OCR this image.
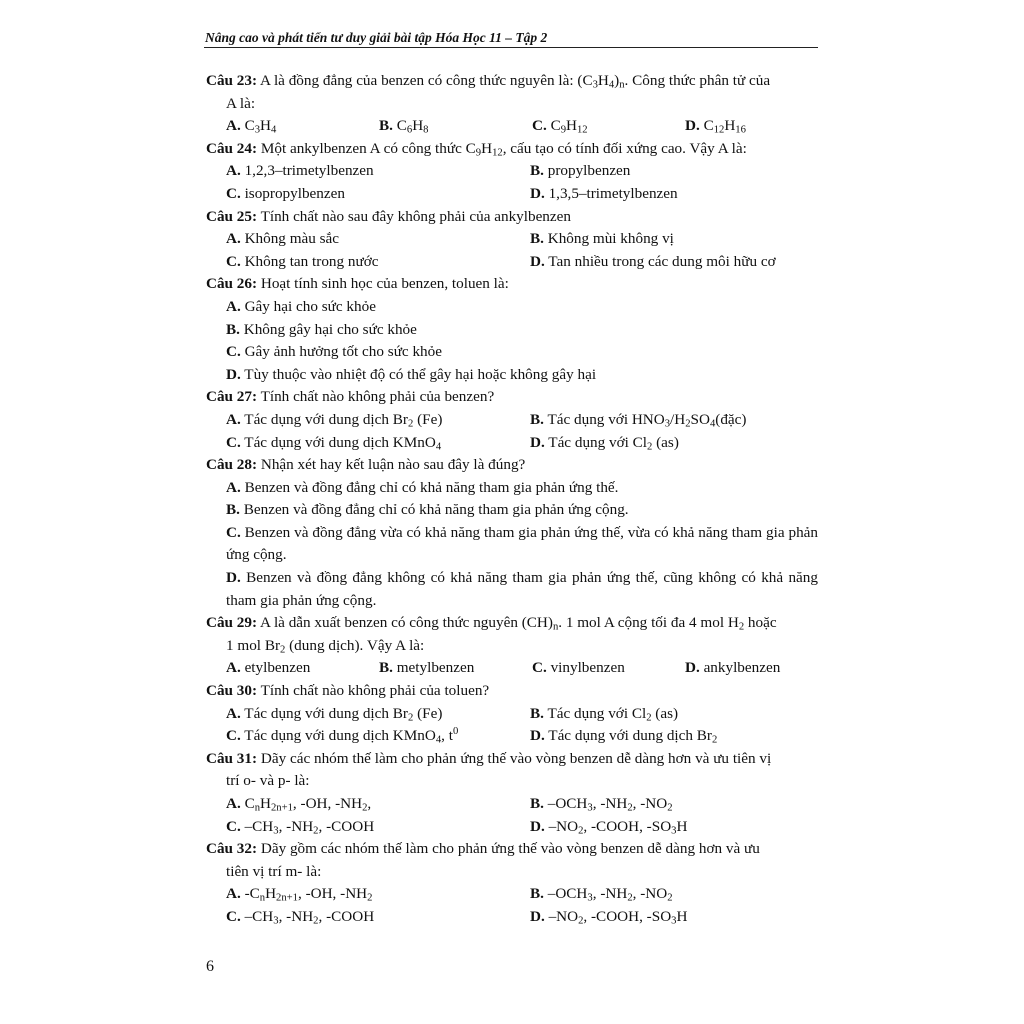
Nâng cao và phát tiển tư duy giải bài tập Hóa Học 11 – Tập 2

Câu 23: A là đồng đẳng của benzen có công thức nguyên là: $(C_3H_4)_n$. Công thức phân tử của

A là:

A. $C_3H_4$	B. $C_6H_8$	C. $C_9H_{12}$	D. $C_{12}H_{16}$

Câu 24: Một ankylbenzen A có công thức $C_9H_{12}$, cấu tạo có tính đối xứng cao. Vậy A là:

A. 1,2,3–trimetylbenzen	B. propylbenzen
C. isopropylbenzen	D. 1,3,5–trimetylbenzen

Câu 25: Tính chất nào sau đây không phải của ankylbenzen

A. Không màu sắc	B. Không mùi không vị
C. Không tan trong nước	D. Tan nhiều trong các dung môi hữu cơ

Câu 26: Hoạt tính sinh học của benzen, toluen là:

A. Gây hại cho sức khỏe
B. Không gây hại cho sức khỏe
C. Gây ảnh hưởng tốt cho sức khỏe
D. Tùy thuộc vào nhiệt độ có thể gây hại hoặc không gây hại

Câu 27: Tính chất nào không phải của benzen?

A. Tác dụng với dung dịch $Br_2$ (Fe)	B. Tác dụng với $HNO_3/H_2SO_4(đặc)$
C. Tác dụng với dung dịch KMnO$_4$	D. Tác dụng với $Cl_2$ (as)

Câu 28: Nhận xét hay kết luận nào sau đây là đúng?

A. Benzen và đồng đẳng chỉ có khả năng tham gia phản ứng thế.
B. Benzen và đồng đẳng chỉ có khả năng tham gia phản ứng cộng.
C. Benzen và đồng đẳng vừa có khả năng tham gia phản ứng thế, vừa có khả năng tham gia phản ứng cộng.
D. Benzen và đồng đẳng không có khả năng tham gia phản ứng thế, cũng không có khả năng tham gia phản ứng cộng.

Câu 29: A là dẫn xuất benzen có công thức nguyên $(CH)_n$. 1 mol A cộng tối đa 4 mol $H_2$ hoặc

1 mol $Br_2$ (dung dịch). Vậy A là:

A. etylbenzen	B. metylbenzen	C. vinylbenzen	D. ankylbenzen

Câu 30: Tính chất nào không phải của toluen?

A. Tác dụng với dung dịch $Br_2$ (Fe)	B. Tác dụng với $Cl_2$ (as)
C. Tác dụng với dung dịch KMnO$_4$, $t^0$	D. Tác dụng với dung dịch $Br_2$

Câu 31: Dãy các nhóm thế làm cho phản ứng thế vào vòng benzen dễ dàng hơn và ưu tiên vị

trí o- và p- là:

A. $C_nH_{2n+1}$, -OH, $-NH_2$,	B. $-OCH_3$, $-NH_2$, $-NO_2$
C. $-CH_3$, $-NH_2$, -COOH	D. $-NO_2$, -COOH, $-SO_3H$

Câu 32: Dãy gồm các nhóm thế làm cho phản ứng thế vào vòng benzen dễ dàng hơn và ưu

tiên vị trí m- là:

A. $-C_nH_{2n+1}$, -OH, $-NH_2$	B. $-OCH_3$, $-NH_2$, $-NO_2$
C. $-CH_3$, $-NH_2$, -COOH	D. $-NO_2$, -COOH, $-SO_3H$
6
